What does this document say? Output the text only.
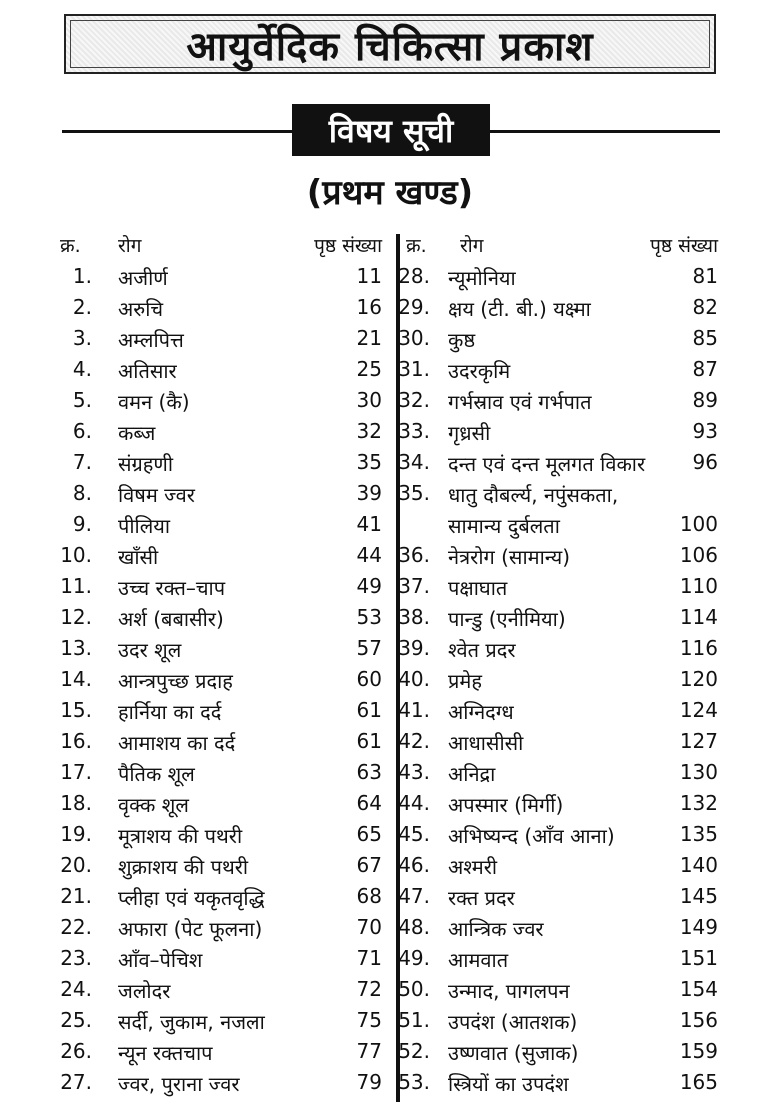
आयुर्वेदिक चिकित्सा प्रकाश
विषय सूची
(प्रथम खण्ड)
क्र. रोग	पृष्ठ संख्या क्र. रोग	पृष्ठ संख्या
1. अजीर्ण	11
2. अरुचि	16
3. अम्लपित्त	21
4. अतिसार	25
5. वमन (कै)	30
6. कब्ज	32
7. संग्रहणी	35
8. विषम ज्वर	39
9. पीलिया	41
10. खाँसी	44
11. उच्च रक्त–चाप	49
12. अर्श (बबासीर)	53
13. उदर शूल	57
14. आन्त्रपुच्छ प्रदाह	60
15. हार्निया का दर्द	61
16. आमाशय का दर्द	61
17. पैतिक शूल	63
18. वृक्क शूल	64
19. मूत्राशय की पथरी	65
20. शुक्राशय की पथरी	67
21. प्लीहा एवं यकृतवृद्धि	68
22. अफारा (पेट फूलना)	70
23. आँव–पेचिश	71
24. जलोदर	72
25. सर्दी, जुकाम, नजला	75
26. न्यून रक्तचाप	77
27. ज्वर, पुराना ज्वर	79
28. न्यूमोनिया	81
29. क्षय (टी. बी.) यक्ष्मा	82
30. कुष्ठ	85
31. उदरकृमि	87
32. गर्भस्राव एवं गर्भपात	89
33. गृध्रसी	93
34. दन्त एवं दन्त मूलगत विकार	96
35. धातु दौबर्ल्य, नपुंसकता,
सामान्य दुर्बलता	100
36. नेत्ररोग (सामान्य)	106
37. पक्षाघात	110
38. पान्डु (एनीमिया)	114
39. श्वेत प्रदर	116
40. प्रमेह	120
41. अग्निदग्ध	124
42. आधासीसी	127
43. अनिद्रा	130
44. अपस्मार (मिर्गी)	132
45. अभिष्यन्द (आँव आना)	135
46. अश्मरी	140
47. रक्त प्रदर	145
48. आन्त्रिक ज्वर	149
49. आमवात	151
50. उन्माद, पागलपन	154
51. उपदंश (आतशक)	156
52. उष्णवात (सुजाक)	159
53. स्त्रियों का उपदंश	165
